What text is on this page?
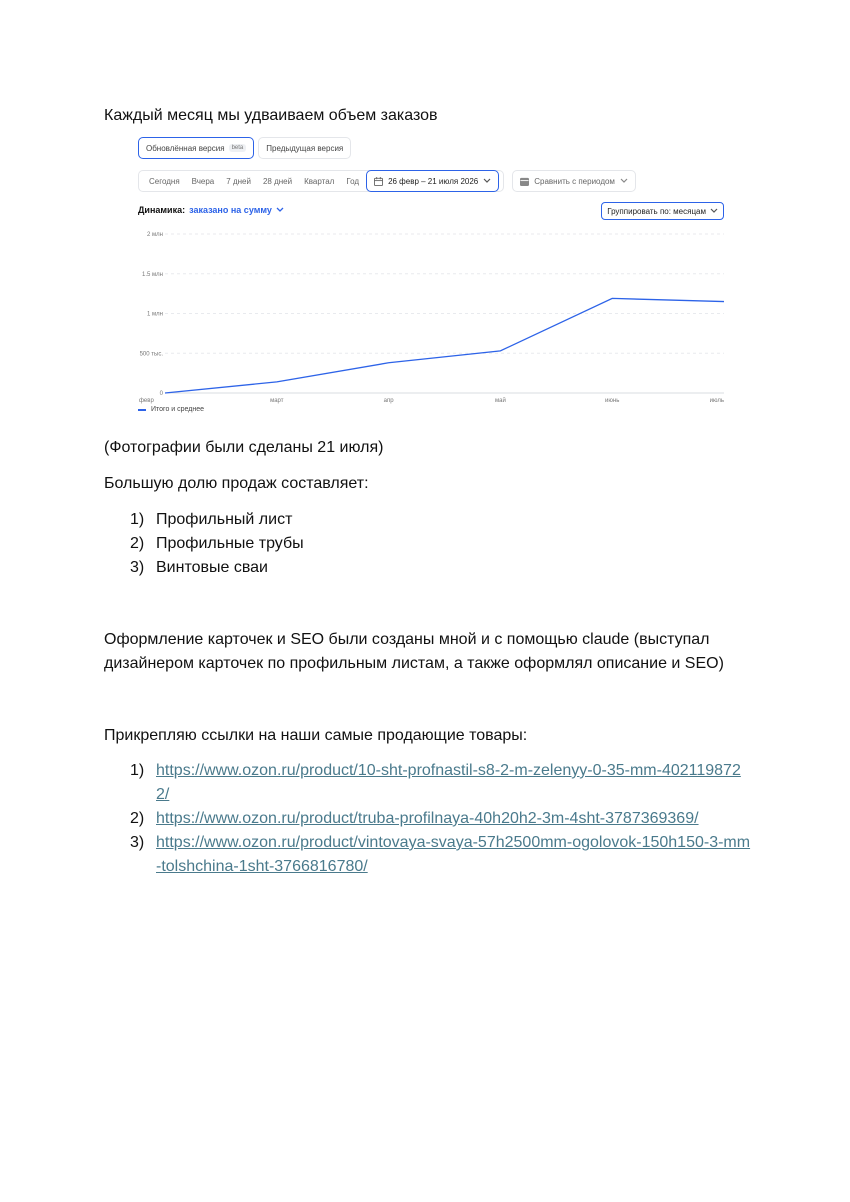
Каждый месяц мы удваиваем объем заказов

Обновлённая версия	beta	Предыдущая версия
Сегодня	Вчера	7 дней	28 дней	Квартал	Год	26 февр – 21 июля 2026	Сравнить с периодом
Динамика: заказано на сумму	Группировать по: месяцам
0
500 тыс.
1 млн
1.5 млн
2 млн
февр	март	апр	май	июнь	июль
Итого и среднее

(Фотографии были сделаны 21 июля)

Большую долю продаж составляет:

1) Профильный лист
2) Профильные трубы
3) Винтовые сваи

Оформление карточек и SEO были созданы мной и с помощью claude (выступал дизайнером карточек по профильным листам, а также оформлял описание и SEO)

Прикрепляю ссылки на наши самые продающие товары:

1) https://www.ozon.ru/product/10-sht-profnastil-s8-2-m-zelenyy-0-35-mm-4021198722/
2) https://www.ozon.ru/product/truba-profilnaya-40h20h2-3m-4sht-3787369369/
3) https://www.ozon.ru/product/vintovaya-svaya-57h2500mm-ogolovok-150h150-3-mm-tolshchina-1sht-3766816780/
